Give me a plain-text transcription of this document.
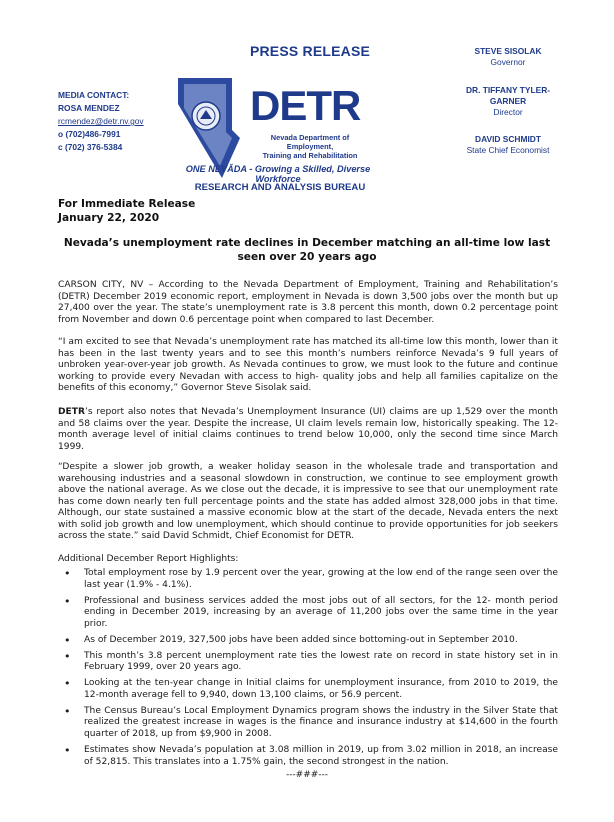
PRESS RELEASE
MEDIA CONTACT:
ROSA MENDEZ
rcmendez@detr.nv.gov
o (702)486-7991
c (702) 376-5384
STEVE SISOLAK
Governor
DR. TIFFANY TYLER-GARNER
Director
DAVID SCHMIDT
State Chief Economist
DETR
Nevada Department of Employment,
Training and Rehabilitation
ONE NEVĂDA - Growing a Skilled, Diverse Workforce
RESEARCH AND ANALYSIS BUREAU
For Immediate Release
January 22, 2020
Nevada’s unemployment rate declines in December matching an all-time low last seen over 20 years ago
CARSON CITY, NV – According to the Nevada Department of Employment, Training and Rehabilitation’s (DETR) December 2019 economic report, employment in Nevada is down 3,500 jobs over the month but up 27,400 over the year. The state’s unemployment rate is 3.8 percent this month, down 0.2 percentage point from November and down 0.6 percentage point when compared to last December.
“I am excited to see that Nevada’s unemployment rate has matched its all-time low this month, lower than it has been in the last twenty years and to see this month’s numbers reinforce Nevada’s 9 full years of unbroken year-over-year job growth. As Nevada continues to grow, we must look to the future and continue working to provide every Nevadan with access to high- quality jobs and help all families capitalize on the benefits of this economy,” Governor Steve Sisolak said.
DETR’s report also notes that Nevada’s Unemployment Insurance (UI) claims are up 1,529 over the month and 58 claims over the year. Despite the increase, UI claim levels remain low, historically speaking. The 12-month average level of initial claims continues to trend below 10,000, only the second time since March 1999.
“Despite a slower job growth, a weaker holiday season in the wholesale trade and transportation and warehousing industries and a seasonal slowdown in construction, we continue to see employment growth above the national average. As we close out the decade, it is impressive to see that our unemployment rate has come down nearly ten full percentage points and the state has added almost 328,000 jobs in that time. Although, our state sustained a massive economic blow at the start of the decade, Nevada enters the next with solid job growth and low unemployment, which should continue to provide opportunities for job seekers across the state.” said David Schmidt, Chief Economist for DETR.
Additional December Report Highlights:
• Total employment rose by 1.9 percent over the year, growing at the low end of the range seen over the last year (1.9% - 4.1%).
• Professional and business services added the most jobs out of all sectors, for the 12- month period ending in December 2019, increasing by an average of 11,200 jobs over the same time in the year prior.
• As of December 2019, 327,500 jobs have been added since bottoming-out in September 2010.
• This month’s 3.8 percent unemployment rate ties the lowest rate on record in state history set in in February 1999, over 20 years ago.
• Looking at the ten-year change in Initial claims for unemployment insurance, from 2010 to 2019, the 12-month average fell to 9,940, down 13,100 claims, or 56.9 percent.
• The Census Bureau’s Local Employment Dynamics program shows the industry in the Silver State that realized the greatest increase in wages is the finance and insurance industry at $14,600 in the fourth quarter of 2018, up from $9,900 in 2008.
• Estimates show Nevada’s population at 3.08 million in 2019, up from 3.02 million in 2018, an increase of 52,815. This translates into a 1.75% gain, the second strongest in the nation.
---###---
